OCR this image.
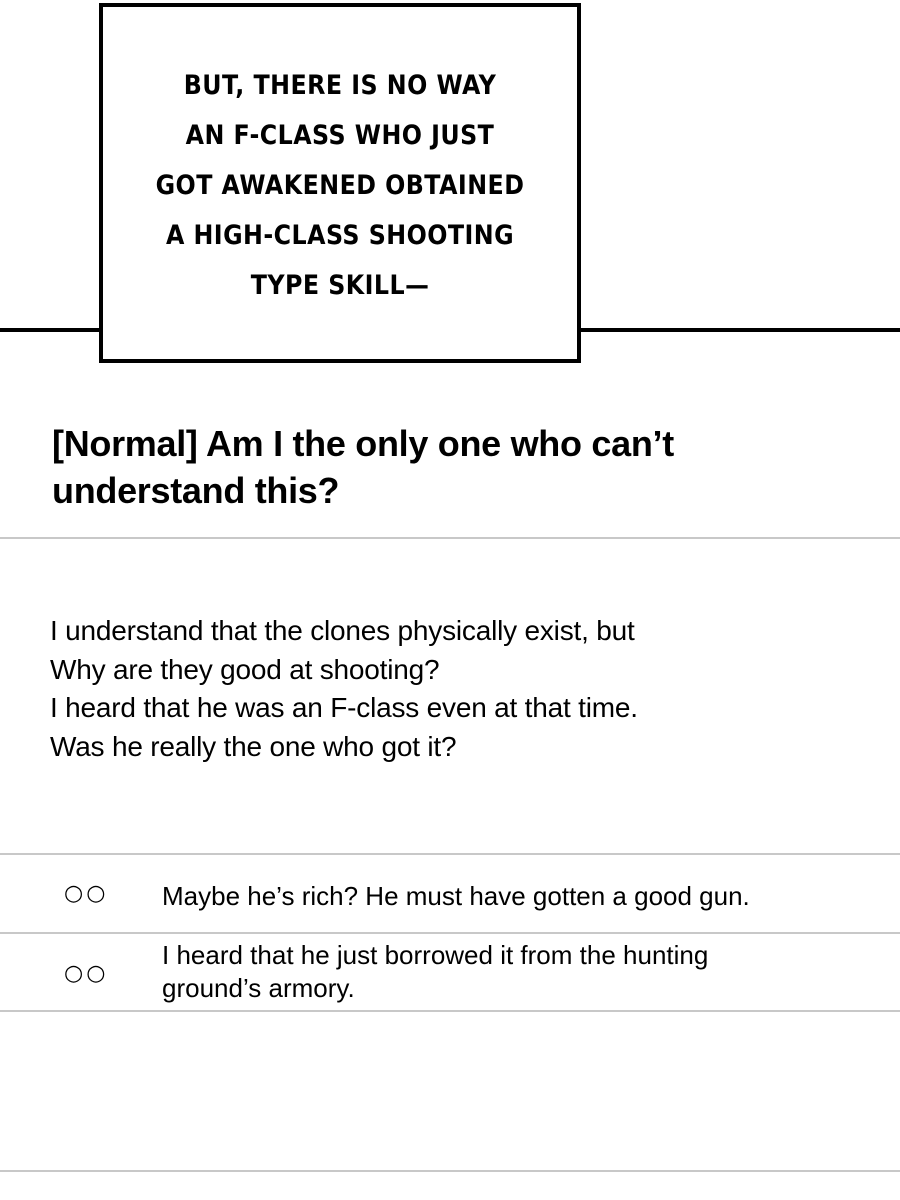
BUT, THERE IS NO WAY
AN F-CLASS WHO JUST
GOT AWAKENED OBTAINED
A HIGH-CLASS SHOOTING
TYPE SKILL—
[Normal] Am I the only one who can’t
understand this?
I understand that the clones physically exist, but
Why are they good at shooting?
I heard that he was an F-class even at that time.
Was he really the one who got it?
○○ Maybe he’s rich? He must have gotten a good gun.
○○
I heard that he just borrowed it from the hunting
ground’s armory.
